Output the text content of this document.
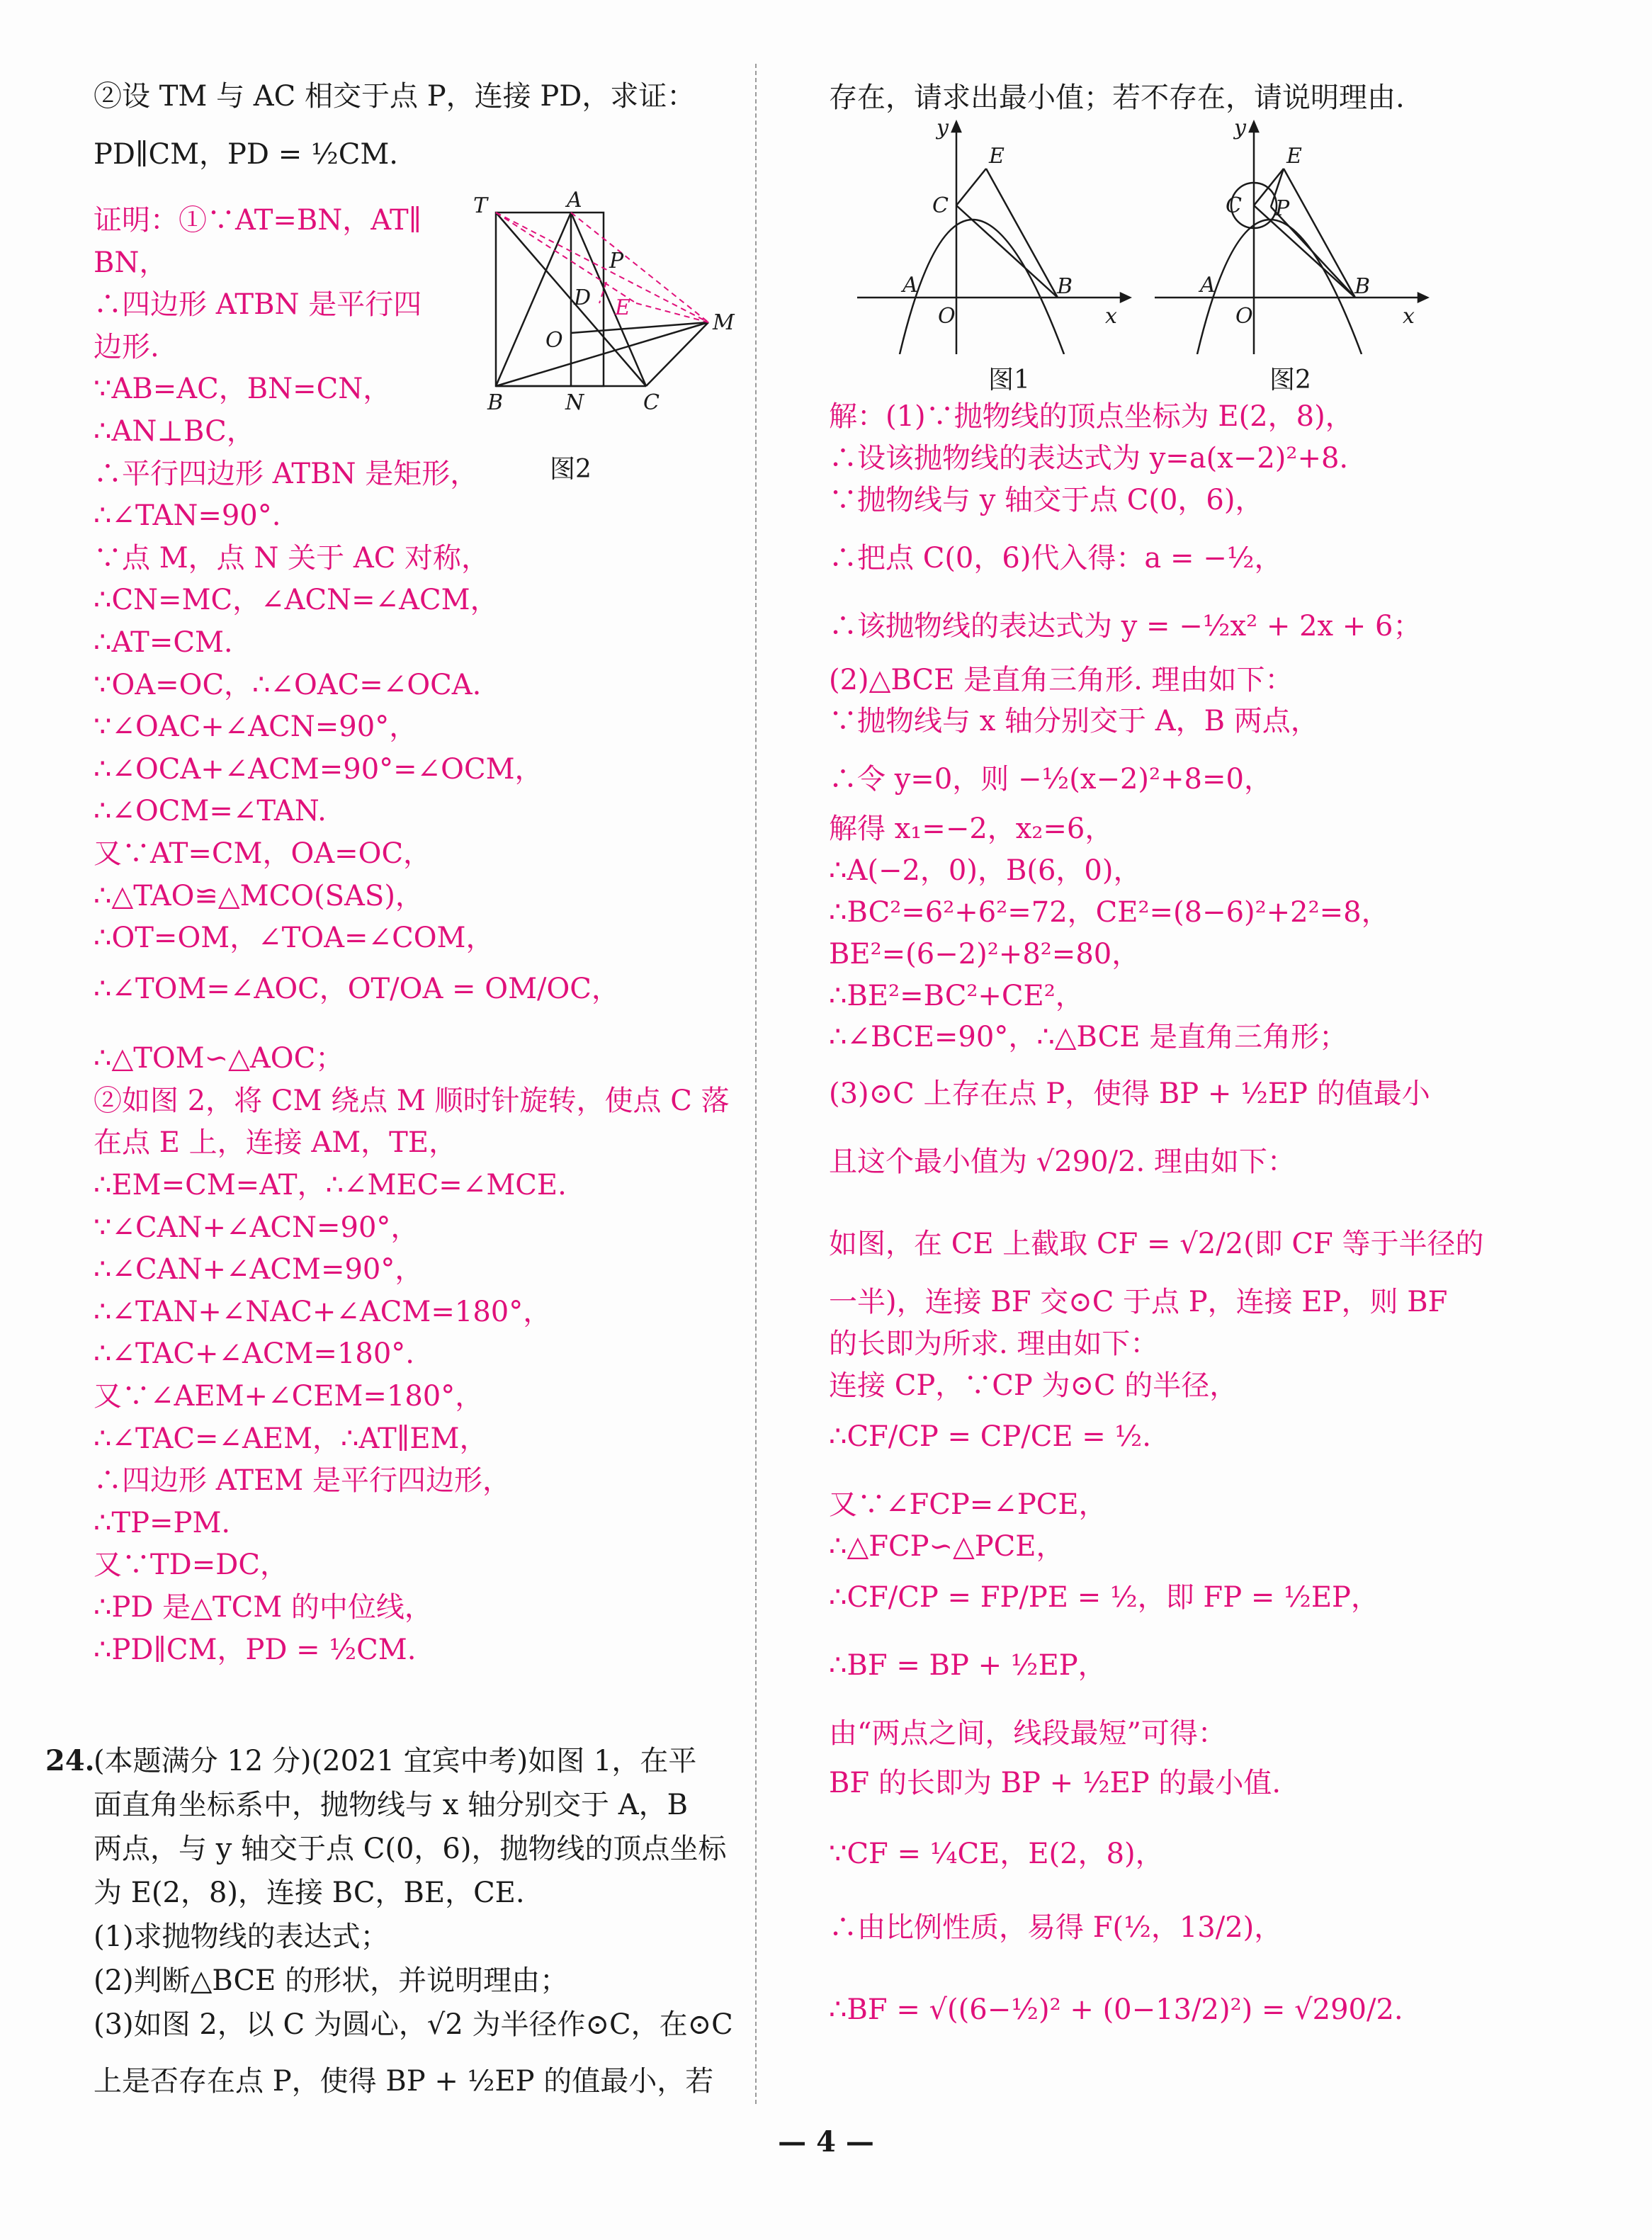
②设 TM 与 AC 相交于点 P，连接 PD，求证：
PD∥CM，PD = ½CM.
证明：①∵AT=BN，AT∥
BN，
∴四边形 ATBN 是平行四
边形.
∵AB=AC，BN=CN，
∴AN⊥BC，
∴平行四边形 ATBN 是矩形，
∴∠TAN=90°.
∵点 M，点 N 关于 AC 对称，
∴CN=MC，∠ACN=∠ACM，
∴AT=CM.
∵OA=OC，∴∠OAC=∠OCA.
∵∠OAC+∠ACN=90°，
∴∠OCA+∠ACM=90°=∠OCM，
∴∠OCM=∠TAN.
又∵AT=CM，OA=OC，
∴△TAO≌△MCO(SAS)，
∴OT=OM，∠TOA=∠COM，
∴∠TOM=∠AOC，OT/OA = OM/OC，
∴△TOM∽△AOC；
②如图 2，将 CM 绕点 M 顺时针旋转，使点 C 落
在点 E 上，连接 AM，TE，
∴EM=CM=AT，∴∠MEC=∠MCE.
∵∠CAN+∠ACN=90°，
∴∠CAN+∠ACM=90°，
∴∠TAN+∠NAC+∠ACM=180°，
∴∠TAC+∠ACM=180°.
又∵∠AEM+∠CEM=180°，
∴∠TAC=∠AEM，∴AT∥EM，
∴四边形 ATEM 是平行四边形，
∴TP=PM.
又∵TD=DC，
∴PD 是△TCM 的中位线，
∴PD∥CM，PD = ½CM.
T	A
P
D E
O
M
B	N	C
图2
24.
(本题满分 12 分)(2021 宜宾中考)如图 1，在平
面直角坐标系中，抛物线与 x 轴分别交于 A，B
两点，与 y 轴交于点 C(0，6)，抛物线的顶点坐标
为 E(2，8)，连接 BC，BE，CE.
(1)求抛物线的表达式；
(2)判断△BCE 的形状，并说明理由；
(3)如图 2，以 C 为圆心，√2 为半径作⊙C，在⊙C
上是否存在点 P，使得 BP + ½EP 的值最小，若
存在，请求出最小值；若不存在，请说明理由.
y
E
C
A
O
B
x
图1
y
E
C P
A
O
B
x
图2
解：(1)∵抛物线的顶点坐标为 E(2，8)，
∴设该抛物线的表达式为 y=a(x−2)²+8.
∵抛物线与 y 轴交于点 C(0，6)，
∴把点 C(0，6)代入得：a = −½，
∴该抛物线的表达式为 y = −½x² + 2x + 6；
(2)△BCE 是直角三角形. 理由如下：
∵抛物线与 x 轴分别交于 A，B 两点，
∴令 y=0，则 −½(x−2)²+8=0，
解得 x₁=−2，x₂=6，
∴A(−2，0)，B(6，0)，
∴BC²=6²+6²=72，CE²=(8−6)²+2²=8，
BE²=(6−2)²+8²=80，
∴BE²=BC²+CE²，
∴∠BCE=90°，∴△BCE 是直角三角形；
(3)⊙C 上存在点 P，使得 BP + ½EP 的值最小
且这个最小值为 √290/2. 理由如下：
如图，在 CE 上截取 CF = √2/2(即 CF 等于半径的
一半)，连接 BF 交⊙C 于点 P，连接 EP，则 BF
的长即为所求. 理由如下：
连接 CP，∵CP 为⊙C 的半径，
∴CF/CP = CP/CE = ½.
又∵∠FCP=∠PCE，
∴△FCP∽△PCE，
∴CF/CP = FP/PE = ½，即 FP = ½EP，
∴BF = BP + ½EP，
由“两点之间，线段最短”可得：
BF 的长即为 BP + ½EP 的最小值.
∵CF = ¼CE，E(2，8)，
∴由比例性质，易得 F(½，13/2)，
∴BF = √((6−½)² + (0−13/2)²) = √290/2.
— 4 —
